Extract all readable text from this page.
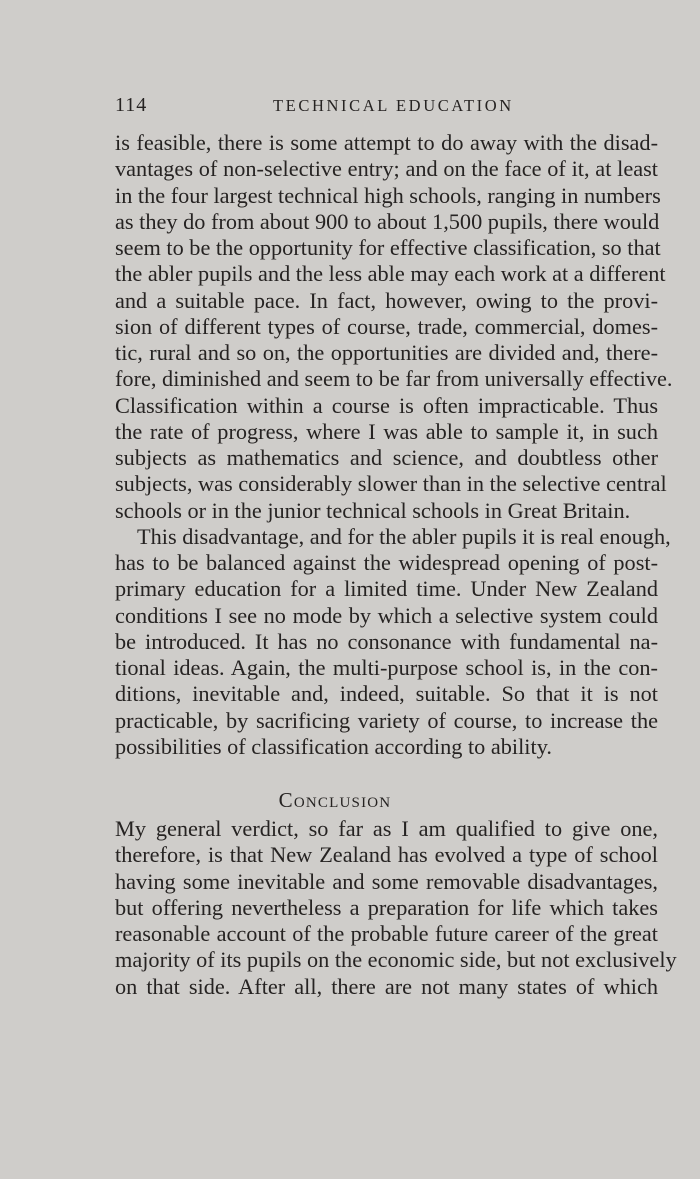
114	TECHNICAL EDUCATION

is feasible, there is some attempt to do away with the disad-
vantages of non-selective entry; and on the face of it, at least
in the four largest technical high schools, ranging in numbers
as they do from about 900 to about 1,500 pupils, there would
seem to be the opportunity for effective classification, so that
the abler pupils and the less able may each work at a different
and a suitable pace. In fact, however, owing to the provi-
sion of different types of course, trade, commercial, domes-
tic, rural and so on, the opportunities are divided and, there-
fore, diminished and seem to be far from universally effective.
Classification within a course is often impracticable. Thus
the rate of progress, where I was able to sample it, in such
subjects as mathematics and science, and doubtless other
subjects, was considerably slower than in the selective central
schools or in the junior technical schools in Great Britain.

This disadvantage, and for the abler pupils it is real enough,
has to be balanced against the widespread opening of post-
primary education for a limited time. Under New Zealand
conditions I see no mode by which a selective system could
be introduced. It has no consonance with fundamental na-
tional ideas. Again, the multi-purpose school is, in the con-
ditions, inevitable and, indeed, suitable. So that it is not
practicable, by sacrificing variety of course, to increase the
possibilities of classification according to ability.

Conclusion

My general verdict, so far as I am qualified to give one,
therefore, is that New Zealand has evolved a type of school
having some inevitable and some removable disadvantages,
but offering nevertheless a preparation for life which takes
reasonable account of the probable future career of the great
majority of its pupils on the economic side, but not exclusively
on that side. After all, there are not many states of which
